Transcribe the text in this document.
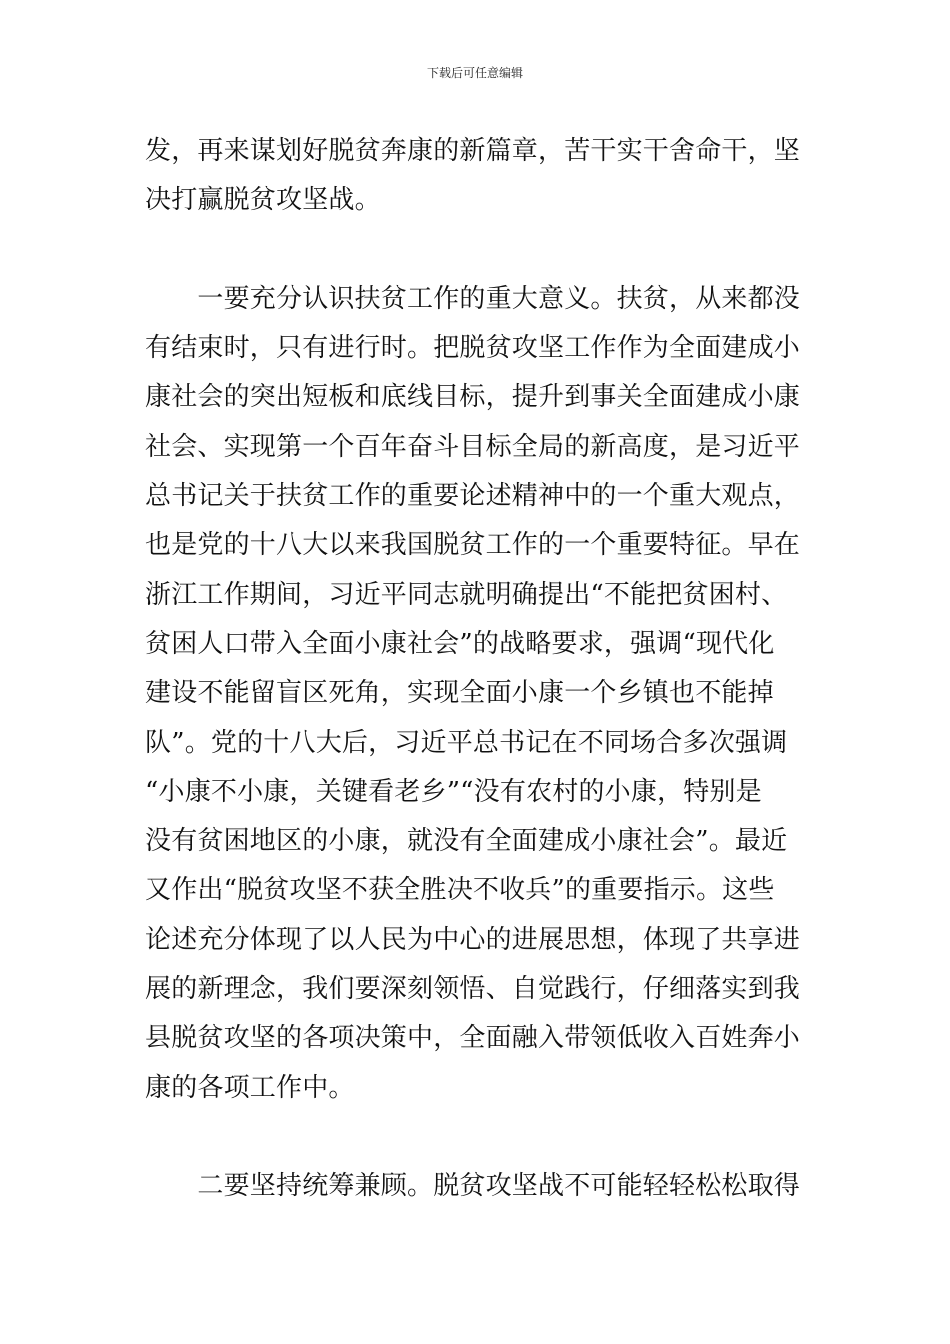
下载后可任意编辑
发，再来谋划好脱贫奔康的新篇章，苦干实干舍命干，坚
决打赢脱贫攻坚战。
　　一要充分认识扶贫工作的重大意义。扶贫，从来都没
有结束时，只有进行时。把脱贫攻坚工作作为全面建成小
康社会的突出短板和底线目标，提升到事关全面建成小康
社会、实现第一个百年奋斗目标全局的新高度，是习近平
总书记关于扶贫工作的重要论述精神中的一个重大观点，
也是党的十八大以来我国脱贫工作的一个重要特征。早在
浙江工作期间，习近平同志就明确提出“不能把贫困村、
贫困人口带入全面小康社会”的战略要求，强调“现代化
建设不能留盲区死角，实现全面小康一个乡镇也不能掉
队”。党的十八大后，习近平总书记在不同场合多次强调
“小康不小康，关键看老乡”“没有农村的小康，特别是
没有贫困地区的小康，就没有全面建成小康社会”。最近
又作出“脱贫攻坚不获全胜决不收兵”的重要指示。这些
论述充分体现了以人民为中心的进展思想，体现了共享进
展的新理念，我们要深刻领悟、自觉践行，仔细落实到我
县脱贫攻坚的各项决策中，全面融入带领低收入百姓奔小
康的各项工作中。
　　二要坚持统筹兼顾。脱贫攻坚战不可能轻轻松松取得
